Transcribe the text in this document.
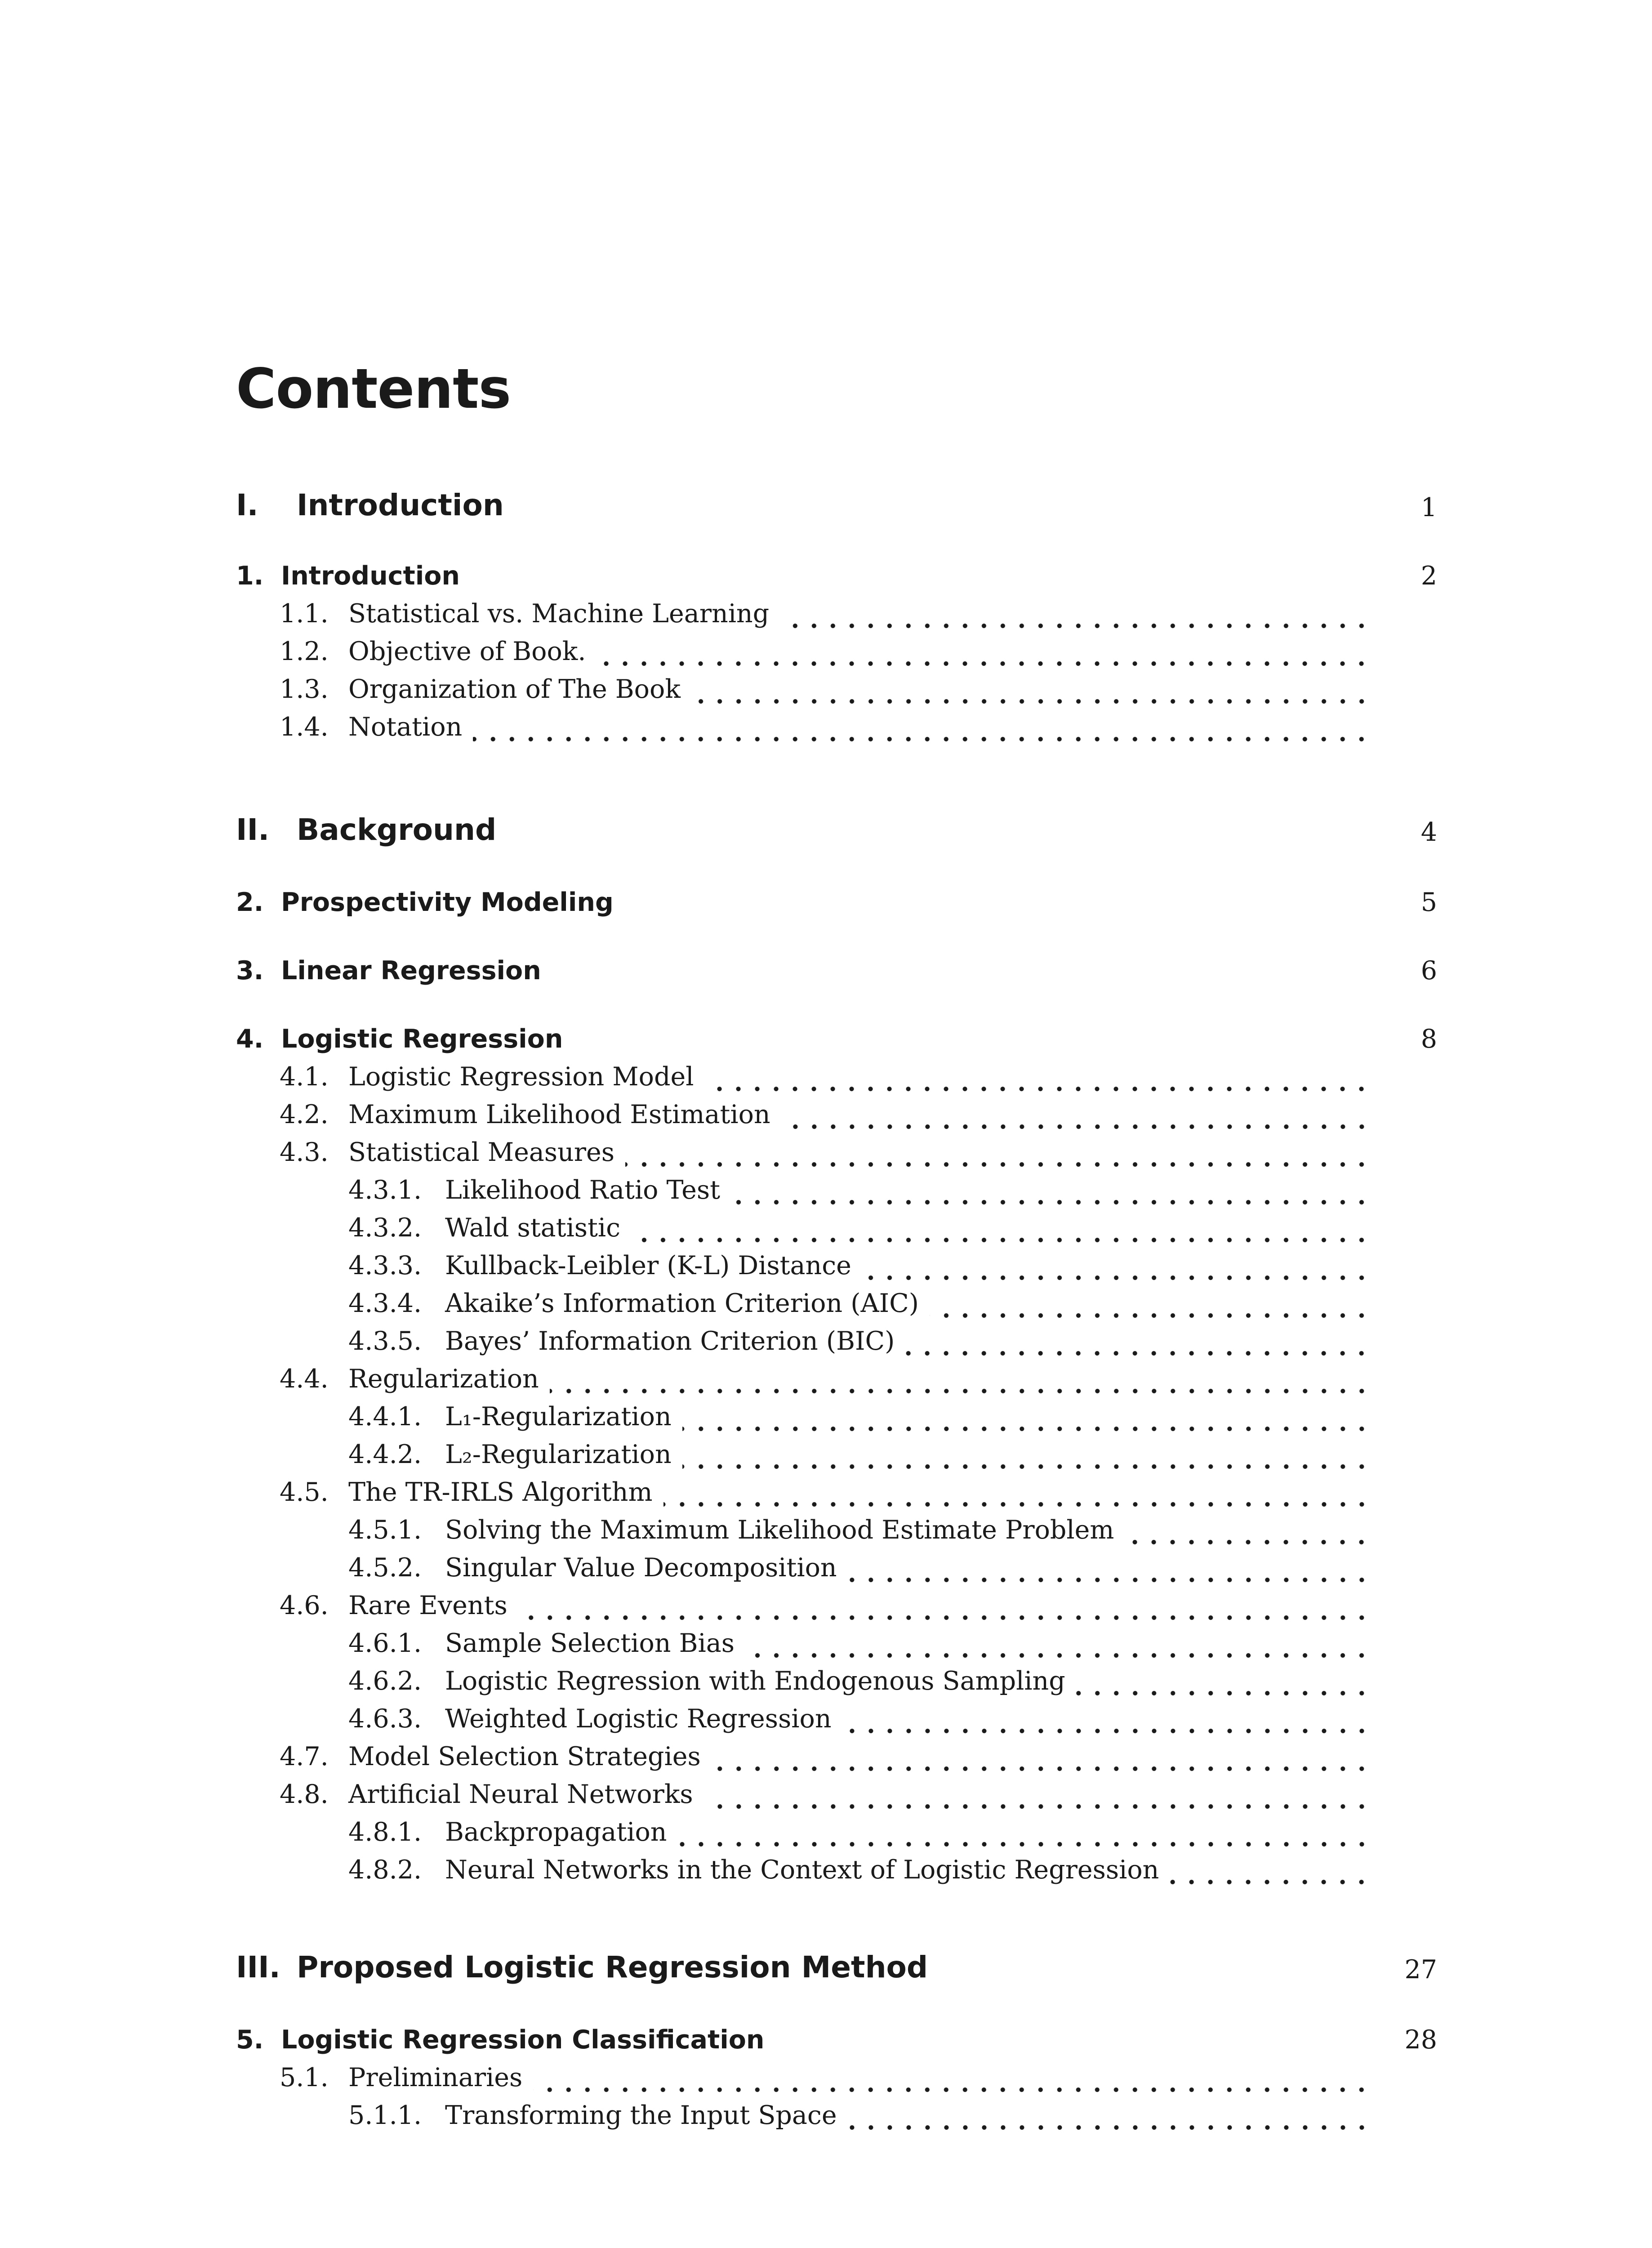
Contents
I. Introduction	1
1. Introduction	2
1.1. Statistical vs. Machine Learning
1.2. Objective of Book.
1.3. Organization of The Book
1.4. Notation
II. Background	4
2. Prospectivity Modeling	5
3. Linear Regression	6
4. Logistic Regression	8
4.1. Logistic Regression Model
4.2. Maximum Likelihood Estimation
4.3. Statistical Measures
4.3.1. Likelihood Ratio Test
4.3.2. Wald statistic
4.3.3. Kullback-Leibler (K-L) Distance
4.3.4. Akaike’s Information Criterion (AIC)
4.3.5. Bayes’ Information Criterion (BIC)
4.4. Regularization
4.4.1. L₁-Regularization
4.4.2. L₂-Regularization
4.5. The TR-IRLS Algorithm
4.5.1. Solving the Maximum Likelihood Estimate Problem
4.5.2. Singular Value Decomposition
4.6. Rare Events
4.6.1. Sample Selection Bias
4.6.2. Logistic Regression with Endogenous Sampling
4.6.3. Weighted Logistic Regression
4.7. Model Selection Strategies
4.8. Artificial Neural Networks
4.8.1. Backpropagation
4.8.2. Neural Networks in the Context of Logistic Regression
III. Proposed Logistic Regression Method	27
5. Logistic Regression Classification	28
5.1. Preliminaries
5.1.1. Transforming the Input Space
